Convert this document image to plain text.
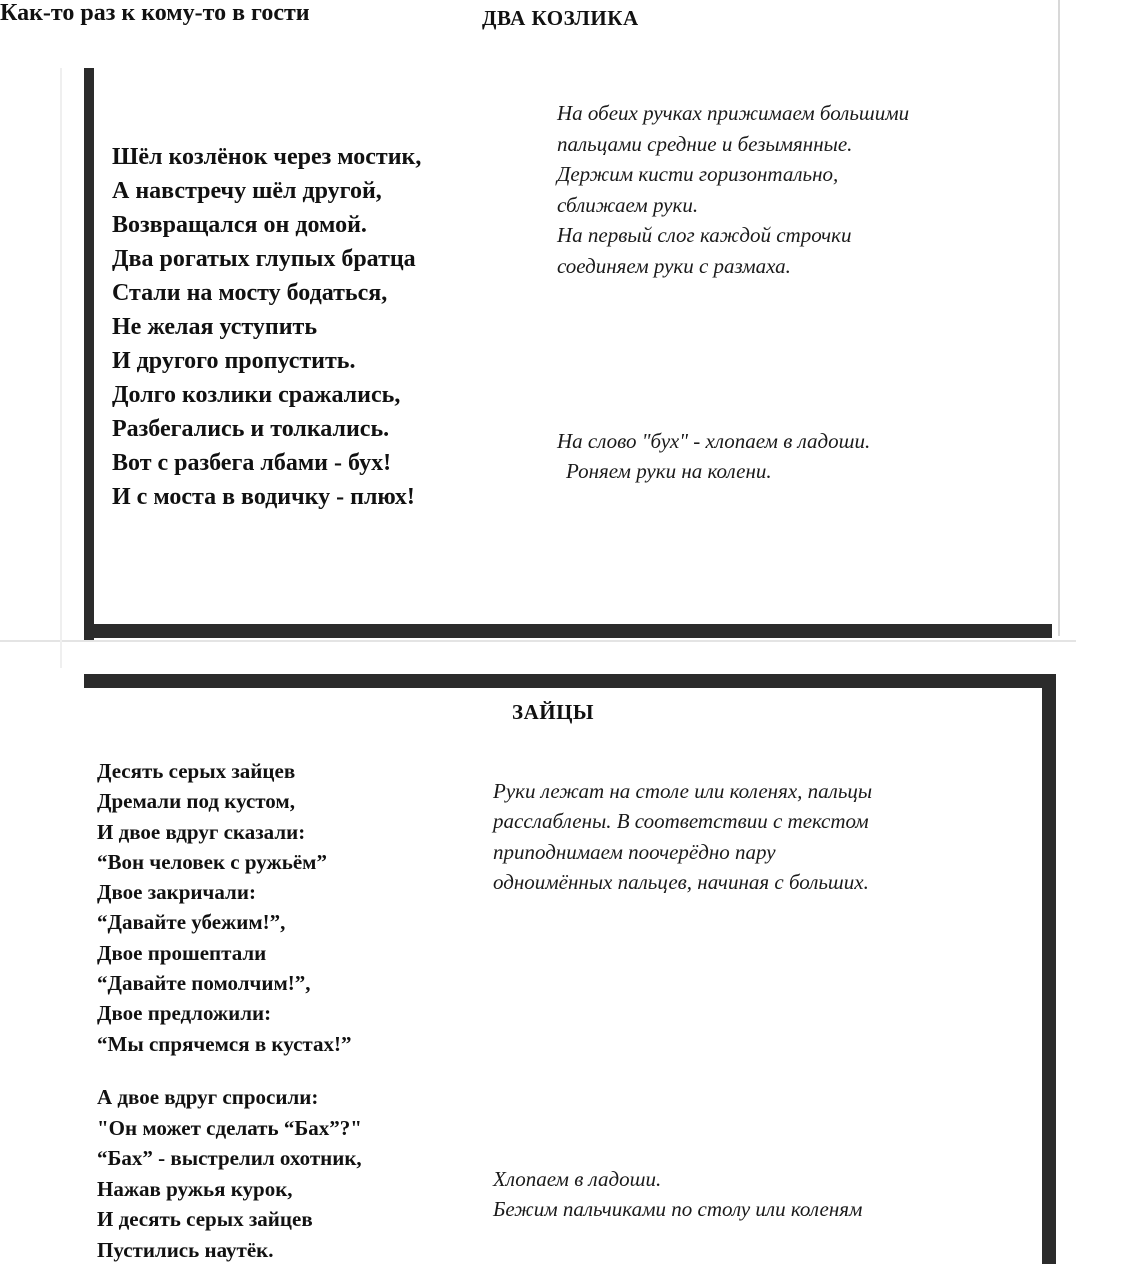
ДВА КОЗЛИКА
Как-то раз к кому-то в гости
Шёл козлёнок через мостик,
А навстречу шёл другой,
Возвращался он домой.
Два рогатых глупых братца
Стали на мосту бодаться,
Не желая уступить
И другого пропустить.
Долго козлики сражались,
Разбегались и толкались.
Вот с разбега лбами - бух!
И с моста в водичку - плюх!
На обеих ручках прижимаем большими
пальцами средние и безымянные.
Держим кисти горизонтально,
сближаем руки.
На первый слог каждой строчки
соединяем руки с размаха.
На слово "бух" - хлопаем в ладоши.
Роняем руки на колени.
ЗАЙЦЫ
Десять серых зайцев
Дремали под кустом,
И двое вдруг сказали:
“Вон человек с ружьём”
Двое закричали:
“Давайте убежим!”,
Двое прошептали
“Давайте помолчим!”,
Двое предложили:
“Мы спрячемся в кустах!”
А двое вдруг спросили:
"Он может сделать “Бах”?"
“Бах” - выстрелил охотник,
Нажав ружья курок,
И десять серых зайцев
Пустились наутёк.
Руки лежат на столе или коленях, пальцы
расслаблены. В соответствии с текстом
приподнимаем поочерёдно пару
одноимённых пальцев, начиная с больших.
Хлопаем в ладоши.
Бежим пальчиками по столу или коленям
